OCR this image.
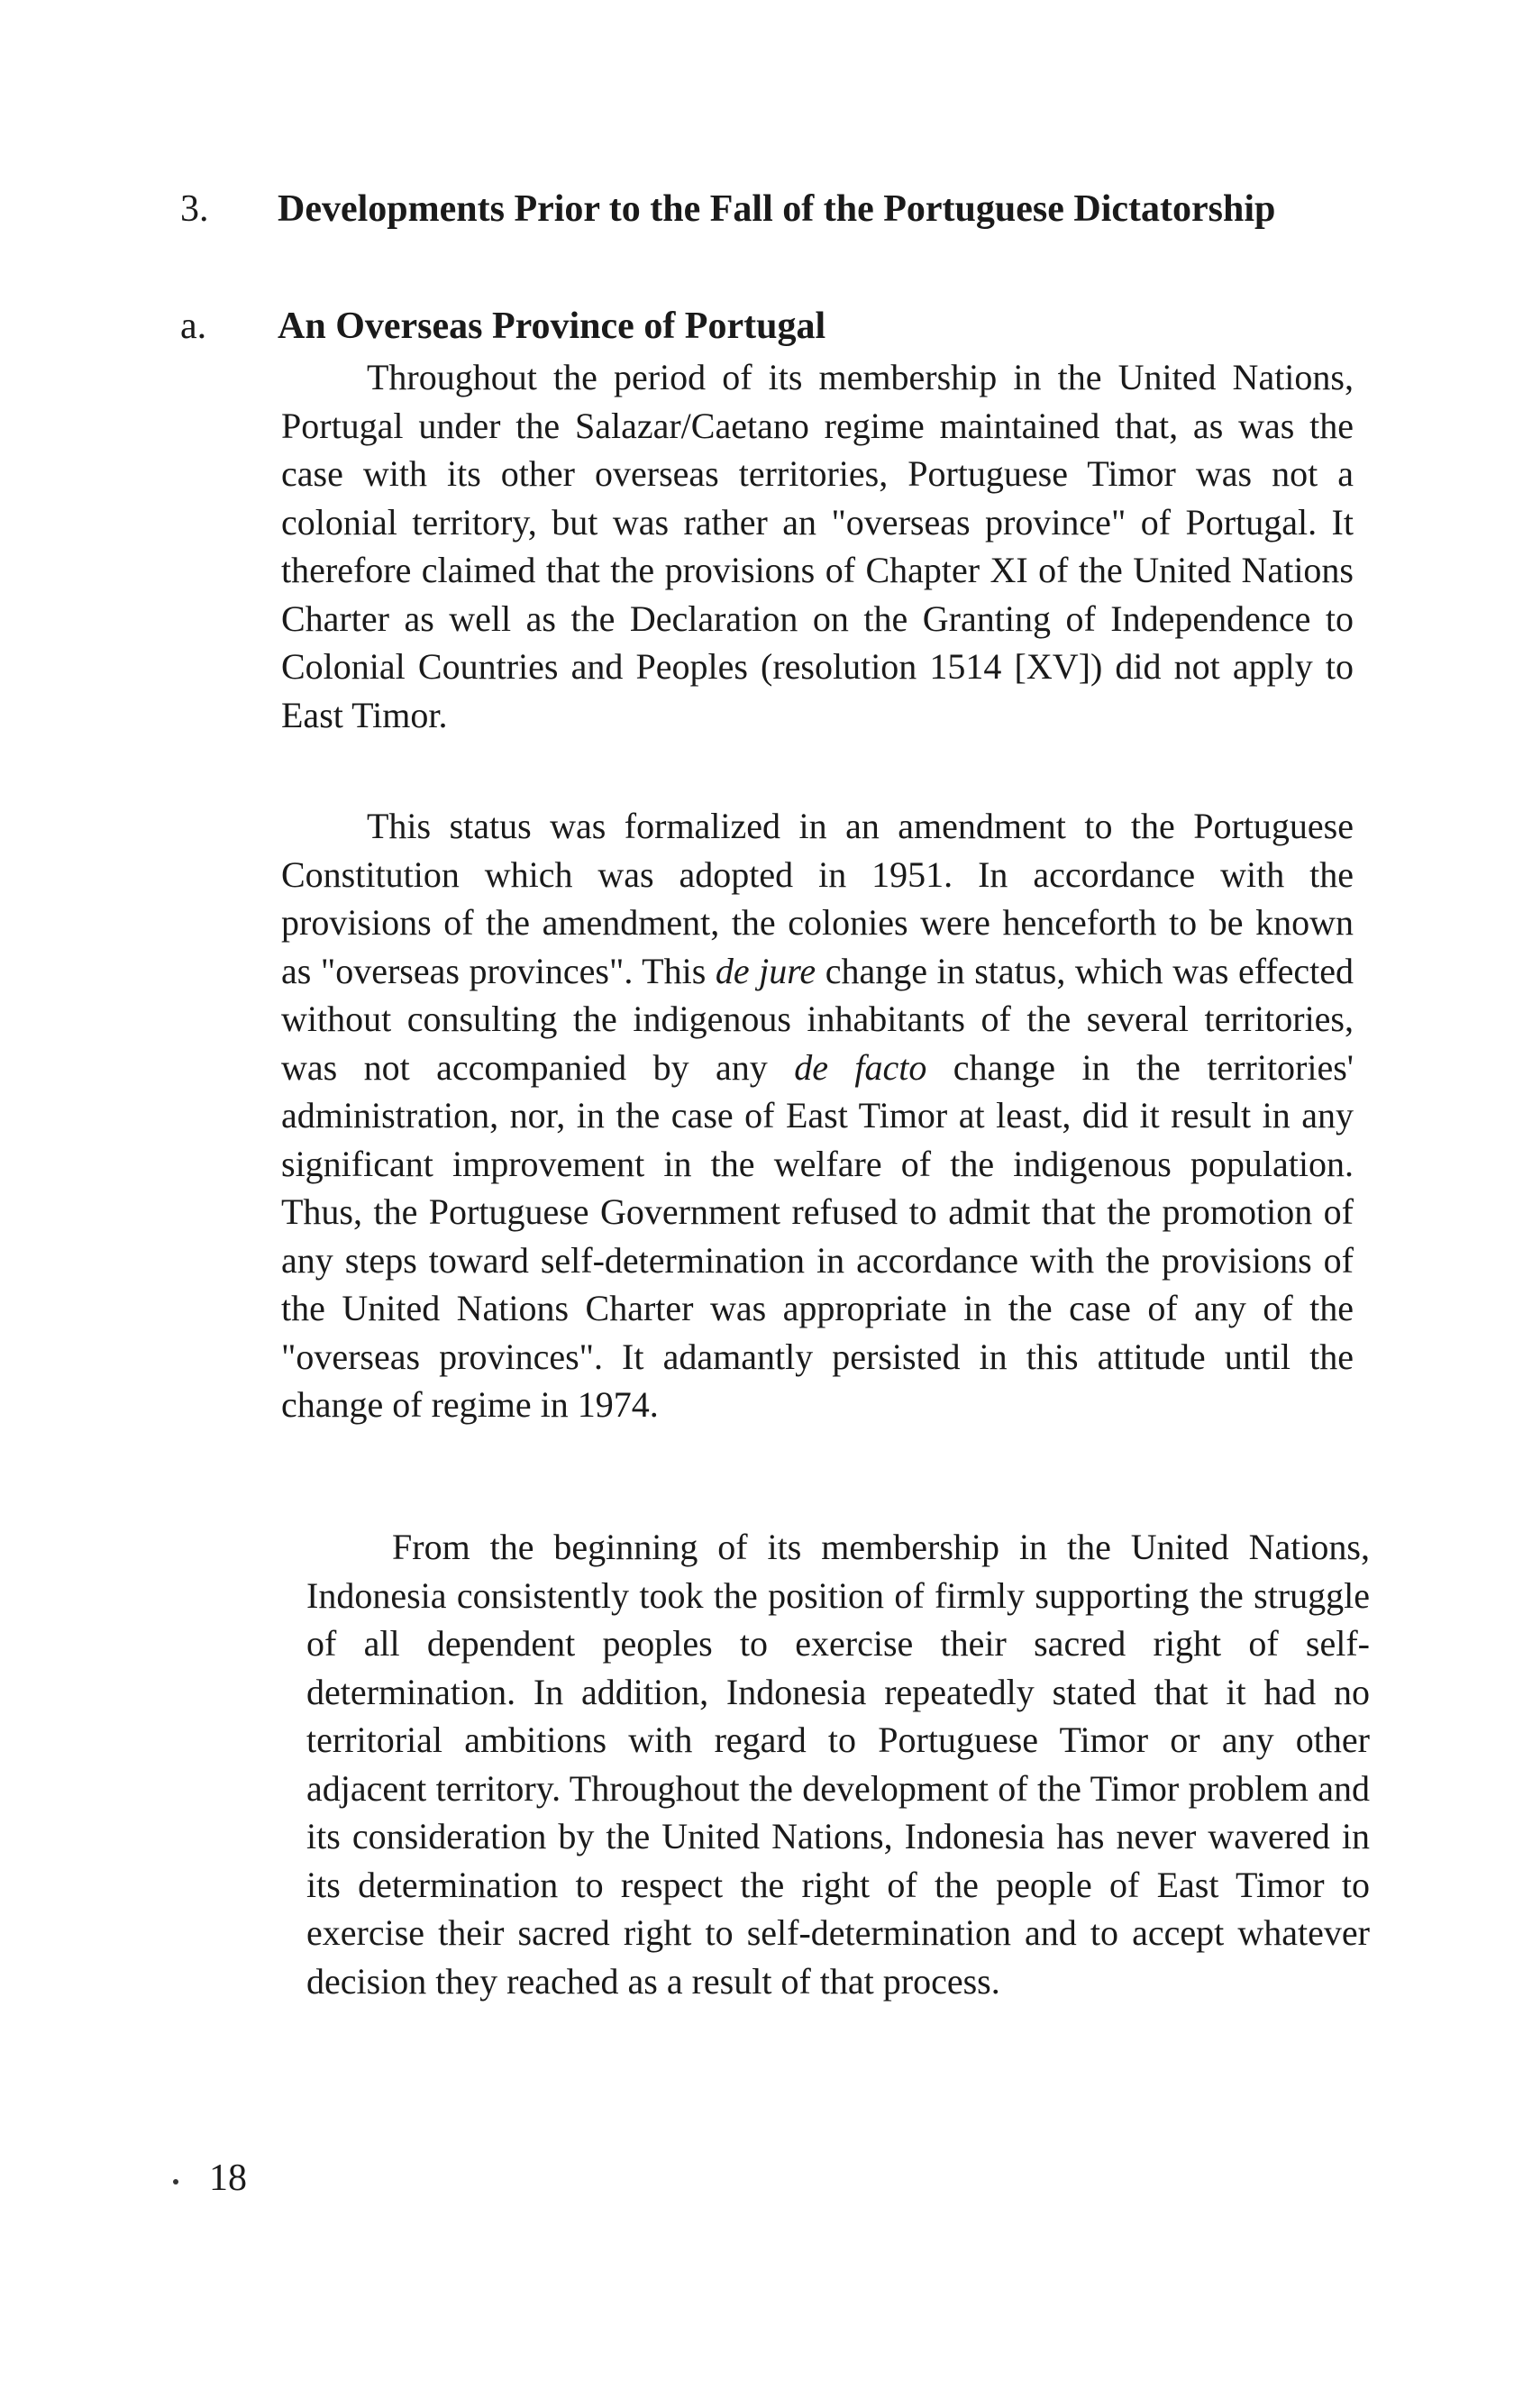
3. Developments Prior to the Fall of the Portuguese Dictatorship
a. An Overseas Province of Portugal

Throughout the period of its membership in the United Nations, Portugal under the Salazar/Caetano regime maintained that, as was the case with its other overseas territories, Portuguese Timor was not a colonial territory, but was rather an "overseas province" of Portugal. It therefore claimed that the provisions of Chapter XI of the United Nations Charter as well as the Declaration on the Granting of Independence to Colonial Countries and Peoples (resolution 1514 [XV]) did not apply to East Timor.

This status was formalized in an amendment to the Portuguese Constitution which was adopted in 1951. In accordance with the provisions of the amendment, the colonies were henceforth to be known as "overseas provinces". This de jure change in status, which was effected without consulting the indigenous inhabitants of the several territories, was not accompanied by any de facto change in the territories' administration, nor, in the case of East Timor at least, did it result in any significant improvement in the welfare of the indigenous population. Thus, the Portuguese Government refused to admit that the promotion of any steps toward self-determination in accordance with the provisions of the United Nations Charter was appropriate in the case of any of the "overseas provinces". It adamantly persisted in this attitude until the change of regime in 1974.

From the beginning of its membership in the United Nations, Indonesia consistently took the position of firmly supporting the struggle of all dependent peoples to exercise their sacred right of self-determination. In addition, Indonesia repeatedly stated that it had no territorial ambitions with regard to Portuguese Timor or any other adjacent territory. Throughout the development of the Timor problem and its consideration by the United Nations, Indonesia has never wavered in its determination to respect the right of the people of East Timor to exercise their sacred right to self-determination and to accept whatever decision they reached as a result of that process.

18
